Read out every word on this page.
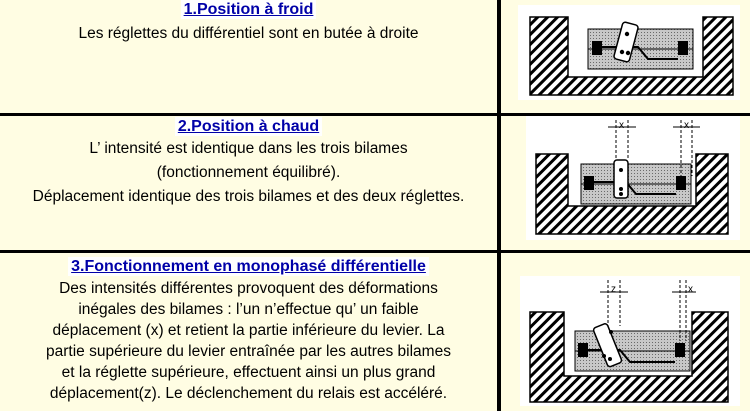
1.Position à froid
Les réglettes du différentiel sont en butée à droite
2.Position à chaud
L’ intensité est identique dans les trois bilames
(fonctionnement équilibré).
Déplacement identique des trois bilames et des deux réglettes.
x	x
3.Fonctionnement en monophasé différentielle
Des intensités différentes provoquent des déformations
inégales des bilames : l’un n’effectue qu’ un faible
déplacement (x) et retient la partie inférieure du levier. La
partie supérieure du levier entraînée par les autres bilames
et la réglette supérieure, effectuent ainsi un plus grand
déplacement(z). Le déclenchement du relais est accéléré.
z	x
